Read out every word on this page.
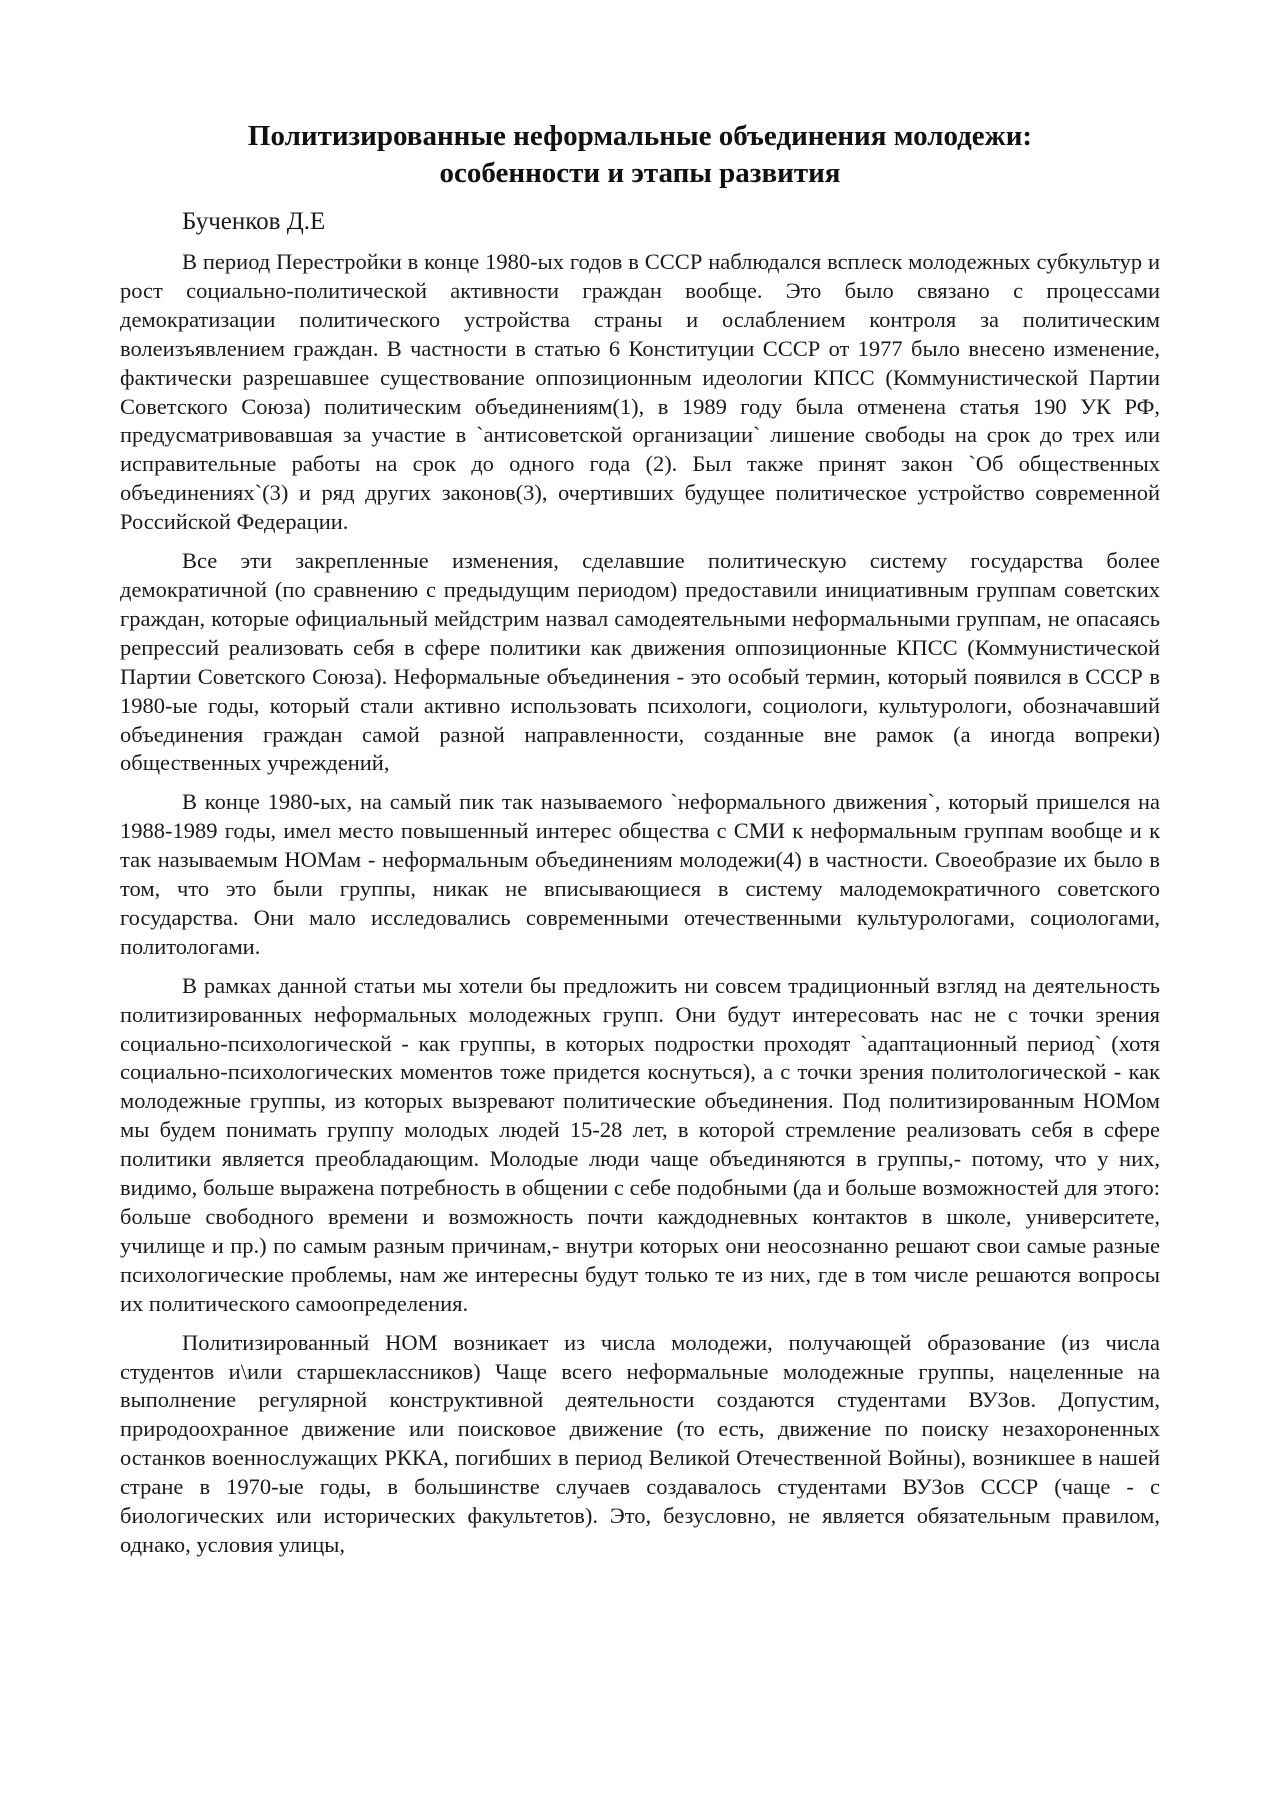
Политизированные неформальные объединения молодежи:
особенности и этапы развития
Бученков Д.Е

В период Перестройки в конце 1980-ых годов в СССР наблюдался всплеск молодежных субкультур и рост социально-политической активности граждан вообще. Это было связано с процессами демократизации политического устройства страны и ослаблением контроля за политическим волеизъявлением граждан. В частности в статью 6 Конституции СССР от 1977 было внесено изменение, фактически разрешавшее существование оппозиционным идеологии КПСС (Коммунистической Партии Советского Союза) политическим объединениям(1), в 1989 году была отменена статья 190 УК РФ, предусматривовавшая за участие в `антисоветской организации` лишение свободы на срок до трех или исправительные работы на срок до одного года (2). Был также принят закон `Об общественных объединениях`(3) и ряд других законов(3), очертивших будущее политическое устройство современной Российской Федерации.

Все эти закрепленные изменения, сделавшие политическую систему государства более демократичной (по сравнению с предыдущим периодом) предоставили инициативным группам советских граждан, которые официальный мейдстрим назвал самодеятельными неформальными группам, не опасаясь репрессий реализовать себя в сфере политики как движения оппозиционные КПСС (Коммунистической Партии Советского Союза). Неформальные объединения - это особый термин, который появился в СССР в 1980-ые годы, который стали активно использовать психологи, социологи, культурологи, обозначавший объединения граждан самой разной направленности, созданные вне рамок (а иногда вопреки) общественных учреждений,

В конце 1980-ых, на самый пик так называемого `неформального движения`, который пришелся на 1988-1989 годы, имел место повышенный интерес общества с СМИ к неформальным группам вообще и к так называемым НОМам - неформальным объединениям молодежи(4) в частности. Своеобразие их было в том, что это были группы, никак не вписывающиеся в систему малодемократичного советского государства. Они мало исследовались современными отечественными культурологами, социологами, политологами.

В рамках данной статьи мы хотели бы предложить ни совсем традиционный взгляд на деятельность политизированных неформальных молодежных групп. Они будут интересовать нас не с точки зрения социально-психологической - как группы, в которых подростки проходят `адаптационный период` (хотя социально-психологических моментов тоже придется коснуться), а с точки зрения политологической - как молодежные группы, из которых вызревают политические объединения. Под политизированным НОМом мы будем понимать группу молодых людей 15-28 лет, в которой стремление реализовать себя в сфере политики является преобладающим. Молодые люди чаще объединяются в группы,- потому, что у них, видимо, больше выражена потребность в общении с себе подобными (да и больше возможностей для этого: больше свободного времени и возможность почти каждодневных контактов в школе, университете, училище и пр.) по самым разным причинам,- внутри которых они неосознанно решают свои самые разные психологические проблемы, нам же интересны будут только те из них, где в том числе решаются вопросы их политического самоопределения.

Политизированный НОМ возникает из числа молодежи, получающей образование (из числа студентов и\или старшеклассников) Чаще всего неформальные молодежные группы, нацеленные на выполнение регулярной конструктивной деятельности создаются студентами ВУЗов. Допустим, природоохранное движение или поисковое движение (то есть, движение по поиску незахороненных останков военнослужащих РККА, погибших в период Великой Отечественной Войны), возникшее в нашей стране в 1970-ые годы, в большинстве случаев создавалось студентами ВУЗов СССР (чаще - с биологических или исторических факультетов). Это, безусловно, не является обязательным правилом, однако, условия улицы,
